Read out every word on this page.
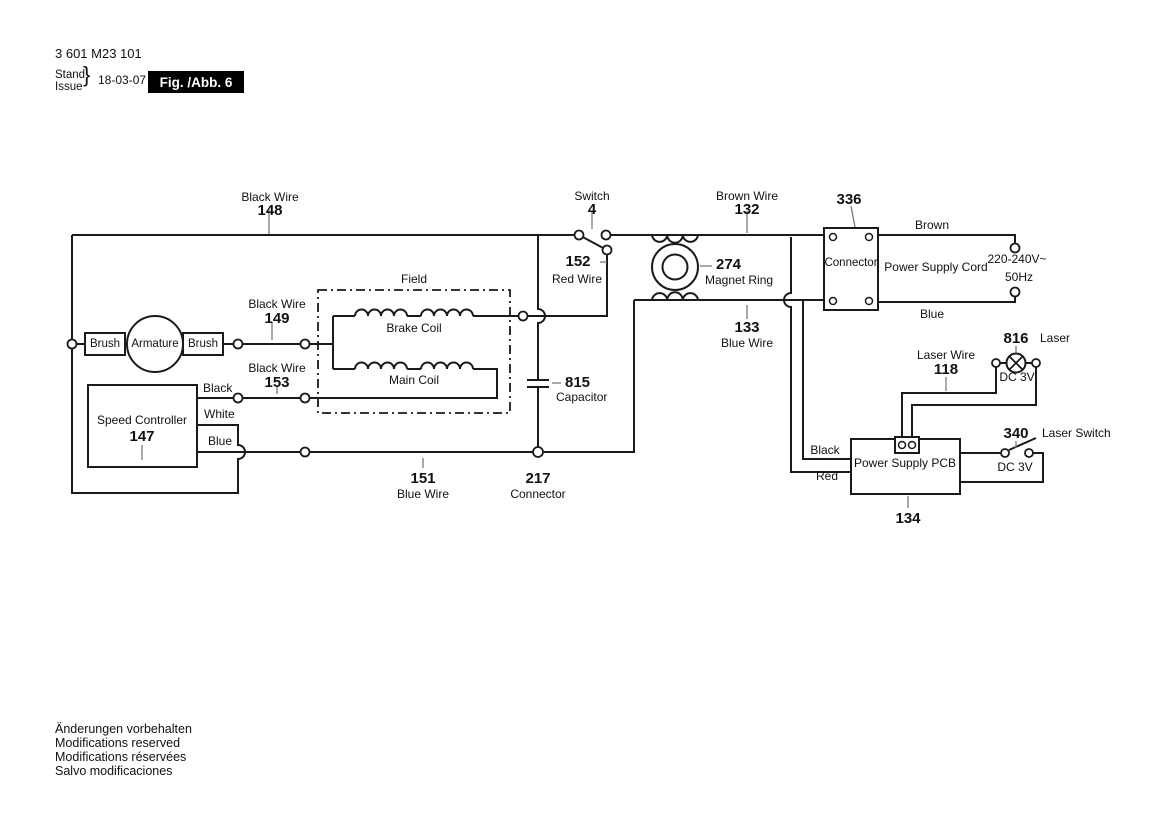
3 601 M23 101
Stand
Issue } 18-03-07 Fig. /Abb. 6
Black Wire
148
Switch
4
Brown Wire
132
336
Connector
Brown
Power Supply Cord
220-240V~
50Hz
Blue
152
Red Wire
274
Magnet Ring
133
Blue Wire
Black Wire
149
Black Wire
153
Field
Brake Coil
Main Coil
Brush Armature Brush
Speed Controller
147
Black
White
Blue
815
Capacitor
151
Blue Wire
217
Connector
Laser Wire
118
816 Laser
DC 3V
340 Laser Switch
DC 3V
Power Supply PCB
134
Black
Red
Änderungen vorbehalten
Modifications reserved
Modifications réservées
Salvo modificaciones
